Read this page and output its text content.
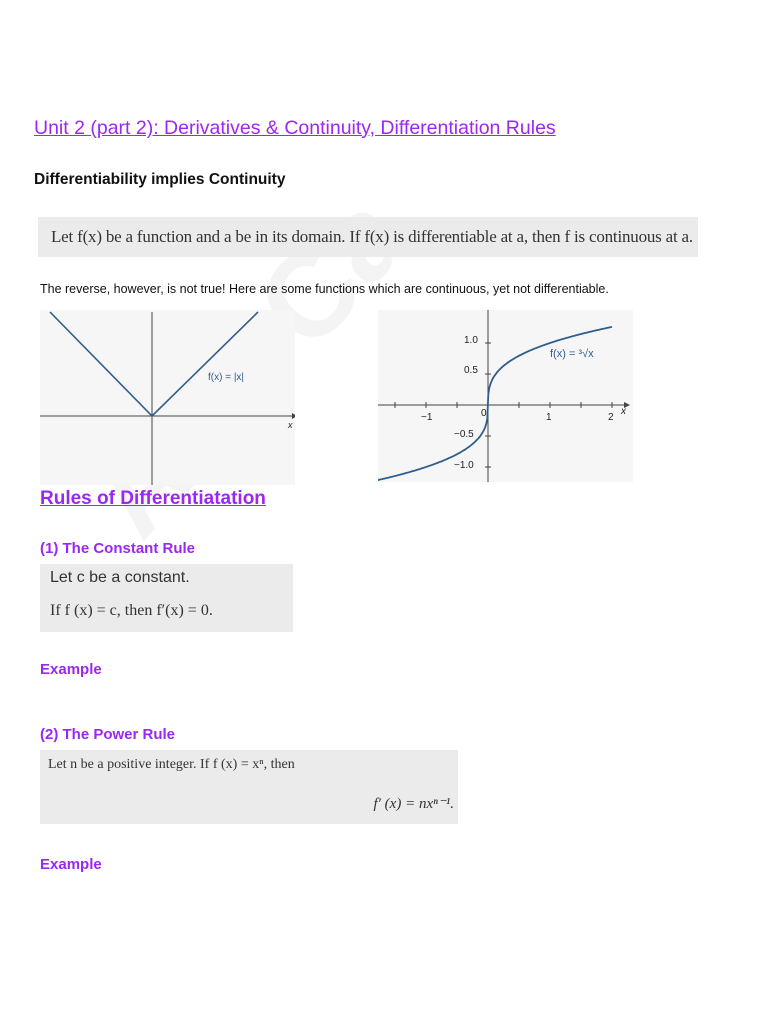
Unit 2 (part 2): Derivatives & Continuity, Differentiation Rules
Differentiability implies Continuity
Let f(x) be a function and a be in its domain. If f(x) is differentiable at a, then f is continuous at a.
The reverse, however, is not true! Here are some functions which are continuous, yet not differentiable.
x
f(x) = |x|
f(x) = ³√x
x
−1	0	1	2
1.0
0.5
−0.5
−1.0
Rules of Differentiatation
(1) The Constant Rule
Let c be a constant.
If f (x) = c, then f′(x) = 0.
Example
(2) The Power Rule
Let n be a positive integer. If f (x) = xⁿ, then
f′ (x) = nxⁿ⁻¹.
Example
